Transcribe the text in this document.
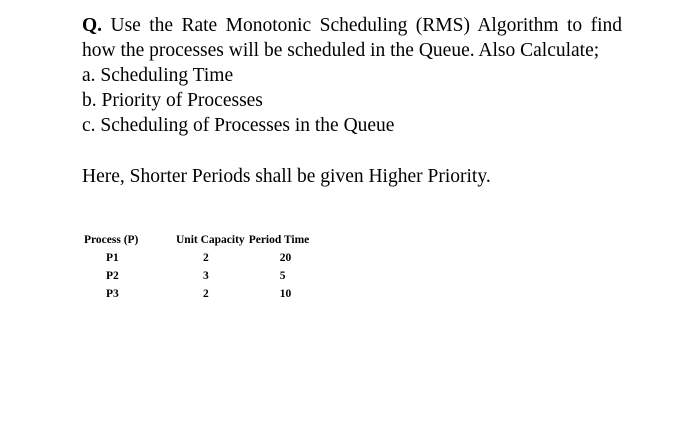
Q. Use the Rate Monotonic Scheduling (RMS) Algorithm to find how the processes will be scheduled in the Queue. Also Calculate;

a. Scheduling Time
b. Priority of Processes
c. Scheduling of Processes in the Queue

Here, Shorter Periods shall be given Higher Priority.

Process (P)	Unit Capacity	Period Time
P1	2	20
P2	3	5
P3	2	10
